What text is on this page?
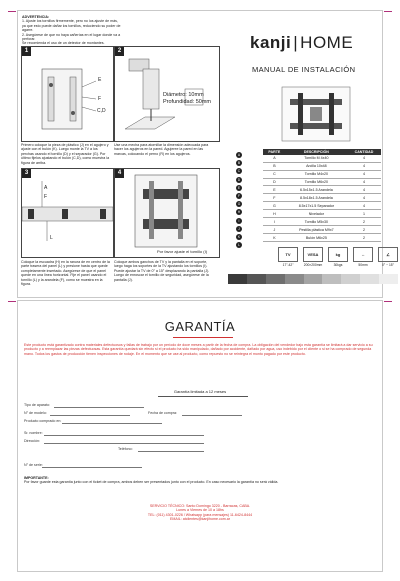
ADVERTENCIA:
1. Ajuste los tornillos firmemente, pero no los ajuste de más, ya que esto puede dañar los tornillos, reduciendo su poder de agarre.
2. Asegúrese de que no haya cañerías en el lugar donde va a perforar.
Se recomienda el uso de un detector de montantes.
1
E
F
C,D
Primero coloque la pieza de plástico (J) en el agujero y ajuste con el bulón (K). Luego monte la TV a los perchas usando el tornillo (D) y el separador (G). Por último fijelos ajustando el bulón (C,D), como muestra la figura de arriba.
2
Diámetro: 10mm
Profundidad: 50mm
Use una mecha para atornillar la dimensión adecuada para hacer los agujeros en la pared. Agujeree la pared en las marcas, colocando el perno (R) en los agujeros.
3
A
F
L
Coloque la escuadra (H) en la ranura de en centro de la parte trasera del panel (L) y presione hasta que quede completamente insertado. Asegúrese de que el panel quede en una línea horizontal. Fije el panel usando el tornillo (L) y la arandela (F), como se muestra en la figura.
4
Por favor ajuste el tornillo (I)
Coloque ambos ganchos de TV y la pantalla en el soporte, luego haga los soportes de la TV ajustando los tornillos (I). Puede ajustar la TV de 0° a 15° desplazando la pantalla (J). Luego de enroscar el tornillo de seguridad, asegúrese de la pantalla (J).
kanji | HOME
MANUAL DE INSTALACIÓN
A
B
C
D
E
F
G
H
I
J
K
L
PARTE	DESCRIPCIÓN	CANTIDAD
A	Tornillo M 4x40	4
B	Arcilla 10x48	4
C	Tornillo M4x20	4
D	Tornillo M6x20	4
E	6.5x15x1.5 Arandela	4
F	8.5x18x1.5 Arandela	4
G	8.5x17x1.5 Separador	4
H	Nivelador	1
I	Tornillo M5x30	2
J	Pestilla plástica M9x7	2
K	Bulón M6x25	2
TV
17"-42"
VESA
200×200mm
kg
30kgs
↔
50mm
∠
0° ~ 15°
GARANTÍA
Este producto está garantizado contra materiales defectuosos y fallas de trabajo por un período de doce meses a partir de la fecha de compra. La obligación del vendedor bajo esta garantía se limitará a dar servicio a su producto y a reemplazar las piezas defectuosas. Esta garantía quedará sin efecto si el producto ha sido manipulado, dañado por accidente, dañado por agua, uso indebido por el cliente o si se ha comprado de segunda mano. Todos los gastos de producción tienen inspecciones de rodaje. En el momento que se use al producto, como repuesto no se reintegra el monto pagado por este producto.
Garantía limitada a 12 meses
Tipo de aparato:
N° de modelo:	Fecha de compra:
Producto comprado en:
Sr. nombre:
Dirección:
Teléfono:
N° de serie:
IMPORTANTE:
Por favor guarde esta garantía junto con el ticket de compra, ambos deben ser presentados junto con el producto. En caso necesario la garantía no será válida.
SERVICIO TÉCNICO: Santo Domingo 3220 - Barracas, CABA.
Lunes a Viernes de 10 a 18hs
TEL: (011) 4301-0226 / Whatsapp (para mensajes) 11-6424-8444
EMAIL: atclientes@kanjihome.com.ar
